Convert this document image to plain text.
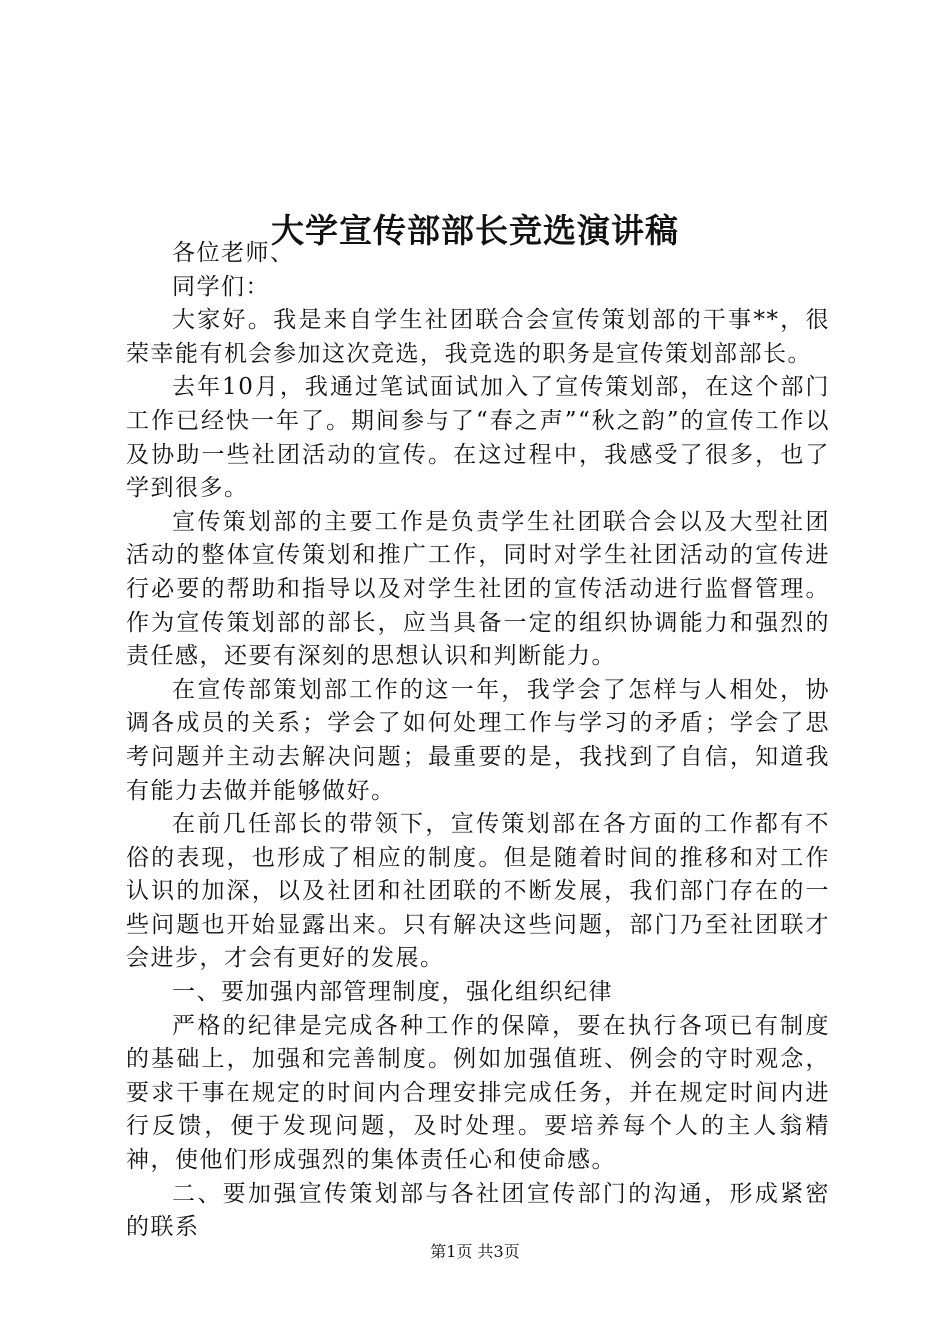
大学宣传部部长竞选演讲稿

各位老师、

同学们：

大家好。我是来自学生社团联合会宣传策划部的干事**，很荣幸能有机会参加这次竞选，我竞选的职务是宣传策划部部长。

去年10月，我通过笔试面试加入了宣传策划部，在这个部门工作已经快一年了。期间参与了“春之声”“秋之韵”的宣传工作以及协助一些社团活动的宣传。在这过程中，我感受了很多，也了学到很多。

宣传策划部的主要工作是负责学生社团联合会以及大型社团活动的整体宣传策划和推广工作，同时对学生社团活动的宣传进行必要的帮助和指导以及对学生社团的宣传活动进行监督管理。作为宣传策划部的部长，应当具备一定的组织协调能力和强烈的责任感，还要有深刻的思想认识和判断能力。

在宣传部策划部工作的这一年，我学会了怎样与人相处，协调各成员的关系；学会了如何处理工作与学习的矛盾；学会了思考问题并主动去解决问题；最重要的是，我找到了自信，知道我有能力去做并能够做好。

在前几任部长的带领下，宣传策划部在各方面的工作都有不俗的表现，也形成了相应的制度。但是随着时间的推移和对工作认识的加深，以及社团和社团联的不断发展，我们部门存在的一些问题也开始显露出来。只有解决这些问题，部门乃至社团联才会进步，才会有更好的发展。

一、要加强内部管理制度，强化组织纪律

严格的纪律是完成各种工作的保障，要在执行各项已有制度的基础上，加强和完善制度。例如加强值班、例会的守时观念，要求干事在规定的时间内合理安排完成任务，并在规定时间内进行反馈，便于发现问题，及时处理。要培养每个人的主人翁精神，使他们形成强烈的集体责任心和使命感。

二、要加强宣传策划部与各社团宣传部门的沟通，形成紧密的联系

第1页 共3页
